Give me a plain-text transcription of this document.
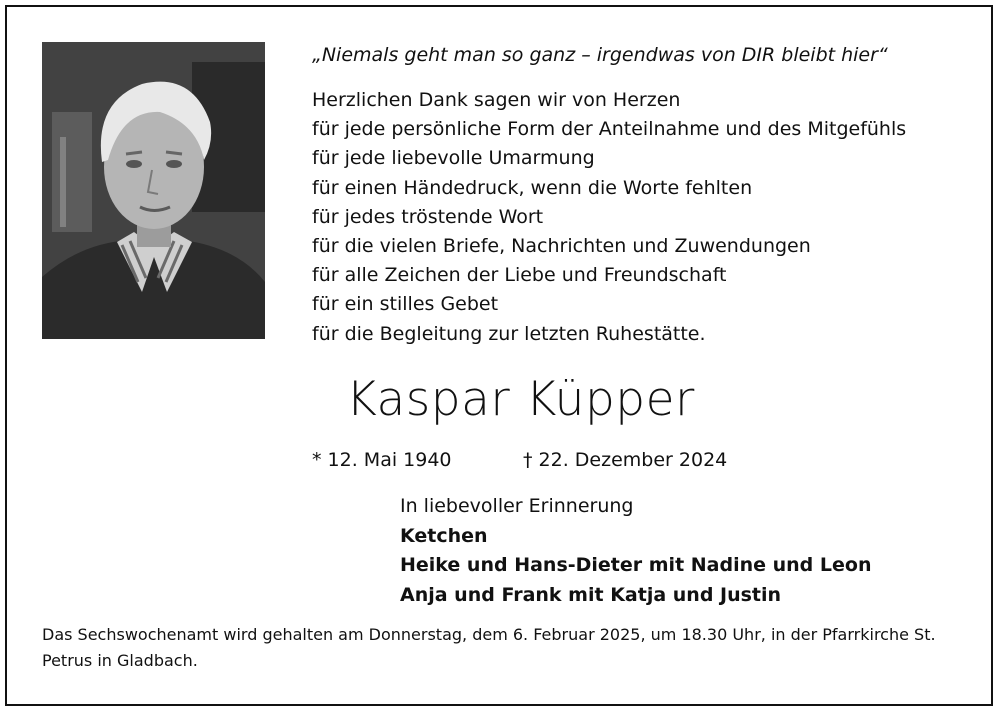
„Niemals geht man so ganz – irgendwas von DIR bleibt hier“
Herzlichen Dank sagen wir von Herzen
für jede persönliche Form der Anteilnahme und des Mitgefühls
für jede liebevolle Umarmung
für einen Händedruck, wenn die Worte fehlten
für jedes tröstende Wort
für die vielen Briefe, Nachrichten und Zuwendungen
für alle Zeichen der Liebe und Freundschaft
für ein stilles Gebet
für die Begleitung zur letzten Ruhestätte.
Kaspar Küpper
* 12. Mai 1940	† 22. Dezember 2024
In liebevoller Erinnerung
Ketchen
Heike und Hans-Dieter mit Nadine und Leon
Anja und Frank mit Katja und Justin
Das Sechswochenamt wird gehalten am Donnerstag, dem 6. Februar 2025, um 18.30 Uhr, in der Pfarrkirche St. Petrus in Gladbach.
